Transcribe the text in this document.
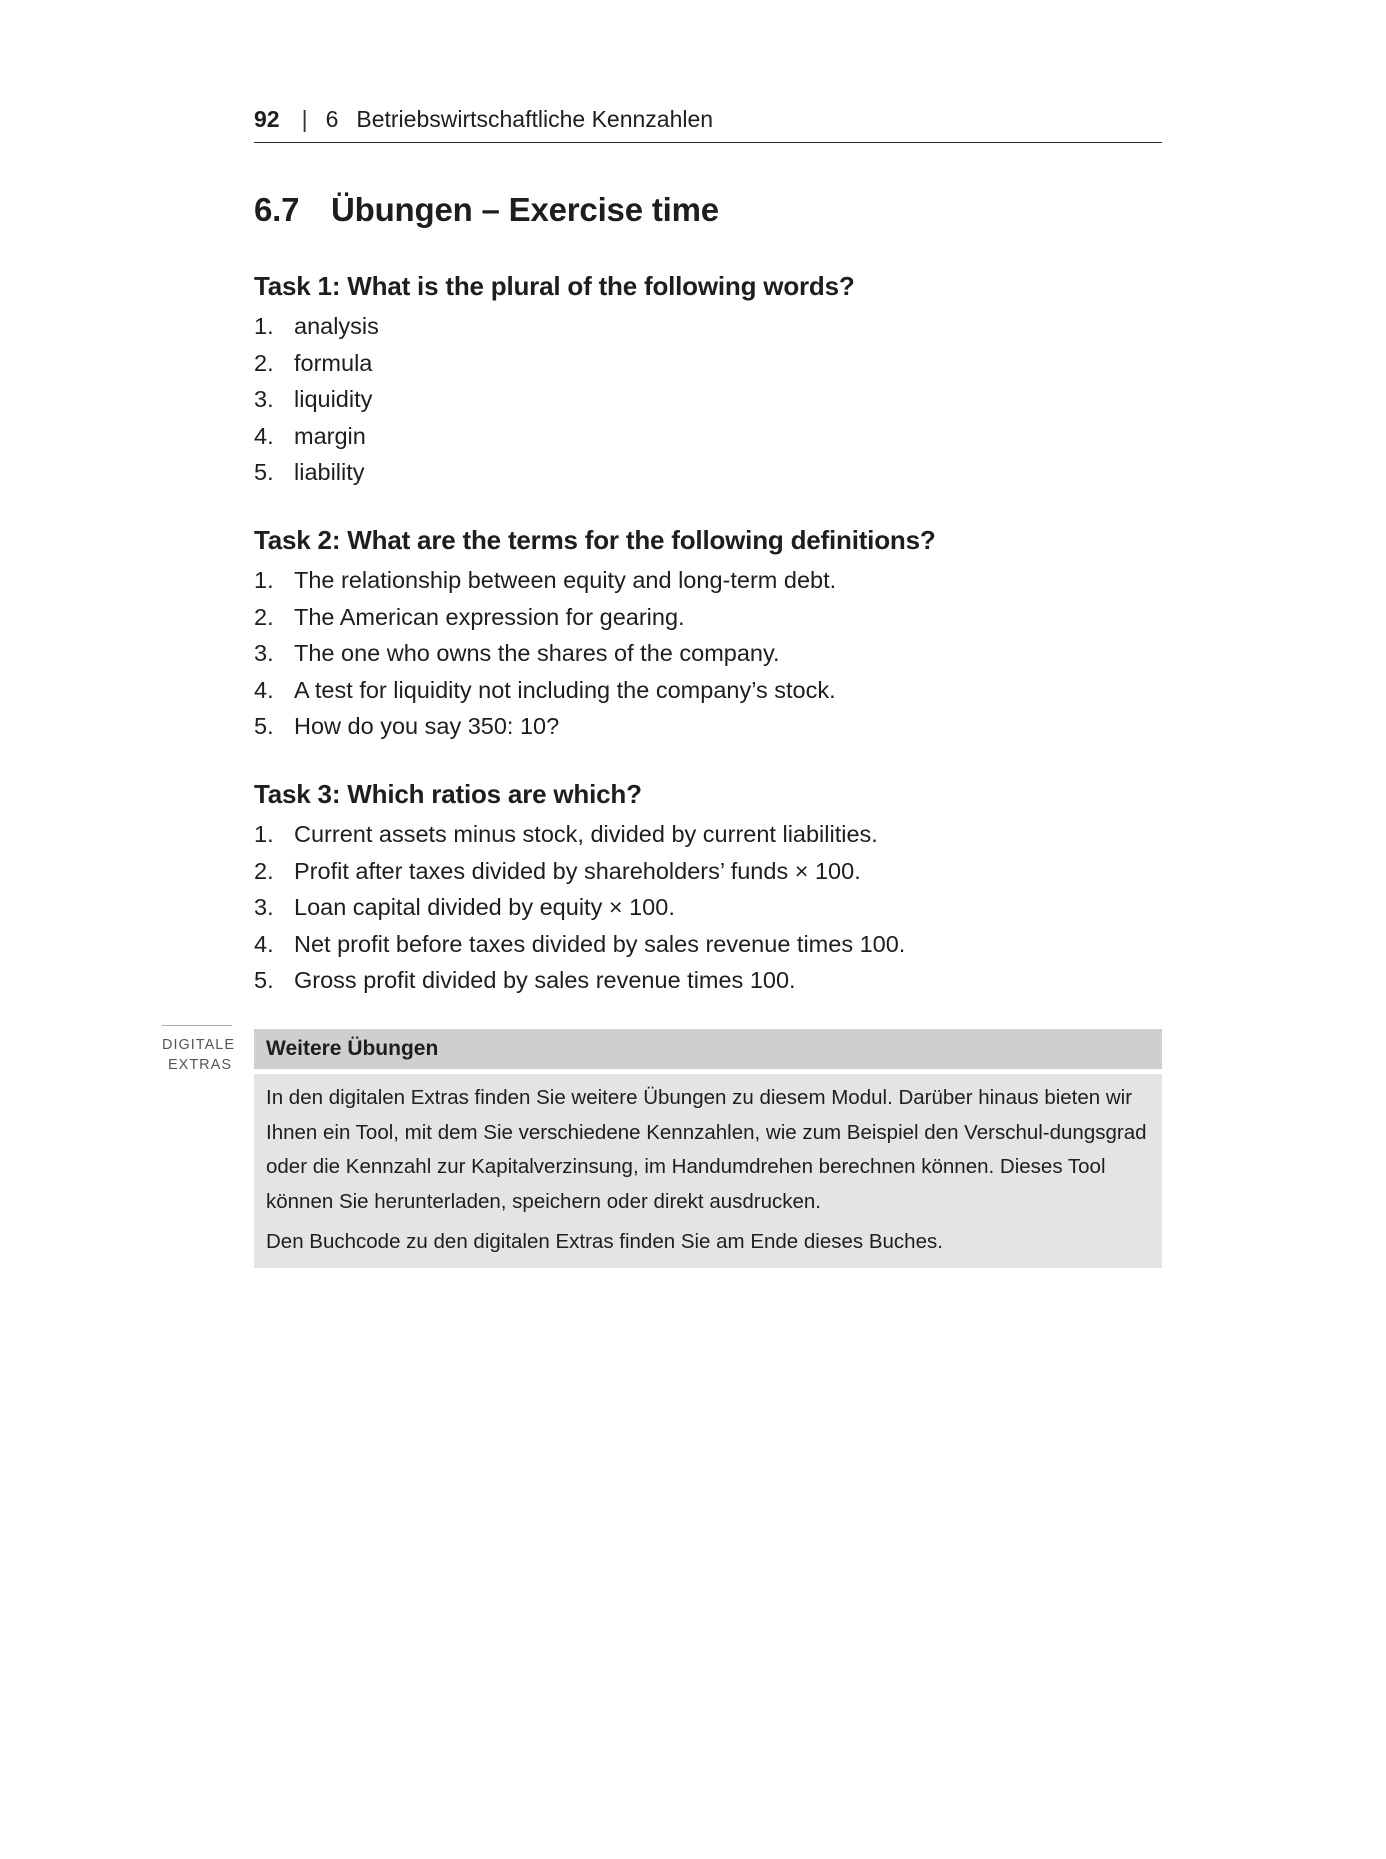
92 | 6 Betriebswirtschaftliche Kennzahlen
6.7 Übungen – Exercise time
Task 1: What is the plural of the following words?
1. analysis
2. formula
3. liquidity
4. margin
5. liability
Task 2: What are the terms for the following definitions?
1. The relationship between equity and long-term debt.
2. The American expression for gearing.
3. The one who owns the shares of the company.
4. A test for liquidity not including the company’s stock.
5. How do you say 350: 10?
Task 3: Which ratios are which?
1. Current assets minus stock, divided by current liabilities.
2. Profit after taxes divided by shareholders’ funds × 100.
3. Loan capital divided by equity × 100.
4. Net profit before taxes divided by sales revenue times 100.
5. Gross profit divided by sales revenue times 100.
DIGITALE
EXTRAS
Weitere Übungen

In den digitalen Extras finden Sie weitere Übungen zu diesem Modul. Darüber hinaus bieten wir Ihnen ein Tool, mit dem Sie verschiedene Kennzahlen, wie zum Beispiel den Verschul-dungsgrad oder die Kennzahl zur Kapitalverzinsung, im Handumdrehen berechnen können. Dieses Tool können Sie herunterladen, speichern oder direkt ausdrucken.

Den Buchcode zu den digitalen Extras finden Sie am Ende dieses Buches.
